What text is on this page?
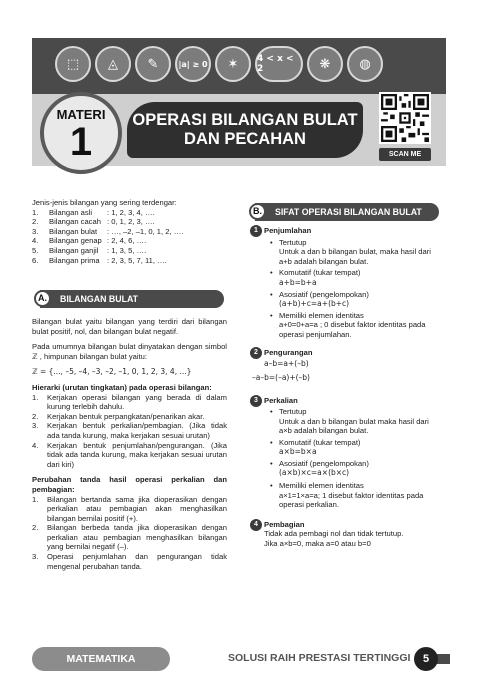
⬚	◬	✎	|a| ≥ 0	✶	4 < x < 2	❋	◍
MATERI
1	OPERASI BILANGAN BULAT
DAN PECAHAN
SCAN ME

Jenis-jenis bilangan yang sering terdengar:

1.	Bilangan asli	: 1, 2, 3, 4, ….
2.	Bilangan cacah : 0, 1, 2, 3, ….
3.	Bilangan bulat	: …, –2, –1, 0, 1, 2, ….
4.	Bilangan genap : 2, 4, 6, ….
5.	Bilangan ganjil	: 1, 3, 5, ….
6.	Bilangan prima : 2, 3, 5, 7, 11, ….
A.	BILANGAN BULAT

Bilangan bulat yaitu bilangan yang terdiri dari bilangan bulat positif, nol, dan bilangan bulat negatif.

Pada umumnya bilangan bulat dinyatakan dengan simbol ℤ , himpunan bilangan bulat yaitu:

ℤ = {..., –5, –4, –3, –2, –1, 0, 1, 2, 3, 4, ...}

Hierarki (urutan tingkatan) pada operasi bilangan:

1. Kerjakan operasi bilangan yang berada di dalam kurung terlebih dahulu.
2. Kerjakan bentuk perpangkatan/penarikan akar.
3. Kerjakan bentuk perkalian/pembagian. (Jika tidak ada tanda kurung, maka kerjakan sesuai urutan)
4. Kerjakan bentuk penjumlahan/pengurangan. (Jika tidak ada tanda kurung, maka kerjakan sesuai urutan dari kiri)

Perubahan tanda hasil operasi perkalian dan pembagian:

1. Bilangan bertanda sama jika dioperasikan dengan perkalian atau pembagian akan menghasilkan bilangan bernilai positif (+).
2. Bilangan berbeda tanda jika dioperasikan dengan perkalian atau pembagian menghasilkan bilangan yang bernilai negatif (–).
3. Operasi penjumlahan dan pengurangan tidak mengenal perubahan tanda.
B.	SIFAT OPERASI BILANGAN BULAT
1 Penjumlahan
• Tertutup
Untuk a dan b bilangan bulat, maka hasil dari a+b adalah bilangan bulat.
• Komutatif (tukar tempat)
a+b=b+a
• Asosiatif (pengelompokan)
(a+b)+c=a+(b+c)
• Memiliki elemen identitas
a+0=0+a=a ; 0 disebut faktor identitas pada operasi penjumlahan.
2 Pengurangan
a–b=a+(–b)
–a–b=(–a)+(–b)
3 Perkalian
• Tertutup
Untuk a dan b bilangan bulat maka hasil dari a×b adalah bilangan bulat.
• Komutatif (tukar tempat)
a×b=b×a
• Asosiatif (pengelompokan)
(a×b)×c=a×(b×c)
• Memiliki elemen identitas
a×1=1×a=a; 1 disebut faktor identitas pada operasi perkalian.
4 Pembagian
Tidak ada pembagi nol dan tidak tertutup.
Jika a×b=0, maka a=0 atau b=0
MATEMATIKA	SOLUSI RAIH PRESTASI TERTINGGI	5
